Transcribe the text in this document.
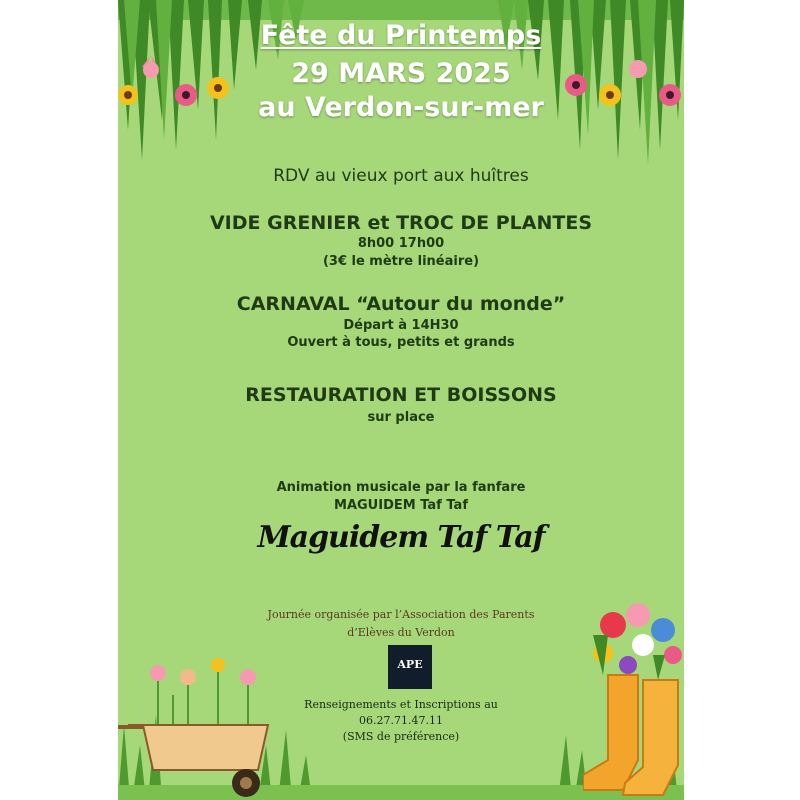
Fête du Printemps
29 MARS 2025
au Verdon-sur-mer
RDV au vieux port aux huîtres
VIDE GRENIER et TROC DE PLANTES
8h00 17h00
(3€ le mètre linéaire)
CARNAVAL “Autour du monde”
Départ à 14H30
Ouvert à tous, petits et grands
RESTAURATION ET BOISSONS
sur place
Animation musicale par la fanfare
MAGUIDEM Taf Taf
Maguidem Taf Taf
Journée organisée par l’Association des Parents
d’Elèves du Verdon
APE
Renseignements et Inscriptions au
06.27.71.47.11
(SMS de préférence)
